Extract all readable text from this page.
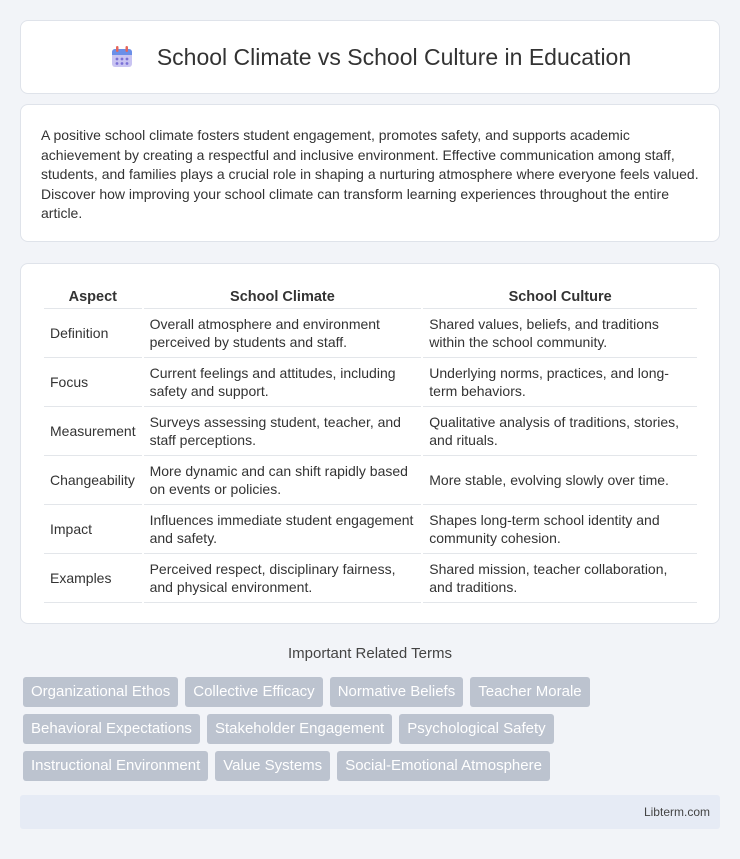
School Climate vs School Culture in Education

A positive school climate fosters student engagement, promotes safety, and supports academic achievement by creating a respectful and inclusive environment. Effective communication among staff, students, and families plays a crucial role in shaping a nurturing atmosphere where everyone feels valued. Discover how improving your school climate can transform learning experiences throughout the entire article.

Aspect	School Climate	School Culture
Definition	Overall atmosphere and environment perceived by students and staff.	Shared values, beliefs, and traditions within the school community.
Focus	Current feelings and attitudes, including safety and support.	Underlying norms, practices, and long-term behaviors.
Measurement	Surveys assessing student, teacher, and staff perceptions.	Qualitative analysis of traditions, stories, and rituals.
Changeability	More dynamic and can shift rapidly based on events or policies.	More stable, evolving slowly over time.
Impact	Influences immediate student engagement and safety.	Shapes long-term school identity and community cohesion.
Examples	Perceived respect, disciplinary fairness, and physical environment.	Shared mission, teacher collaboration, and traditions.
Important Related Terms
Organizational Ethos	Collective Efficacy	Normative Beliefs	Teacher Morale
Behavioral Expectations	Stakeholder Engagement	Psychological Safety
Instructional Environment	Value Systems	Social-Emotional Atmosphere
Libterm.com
